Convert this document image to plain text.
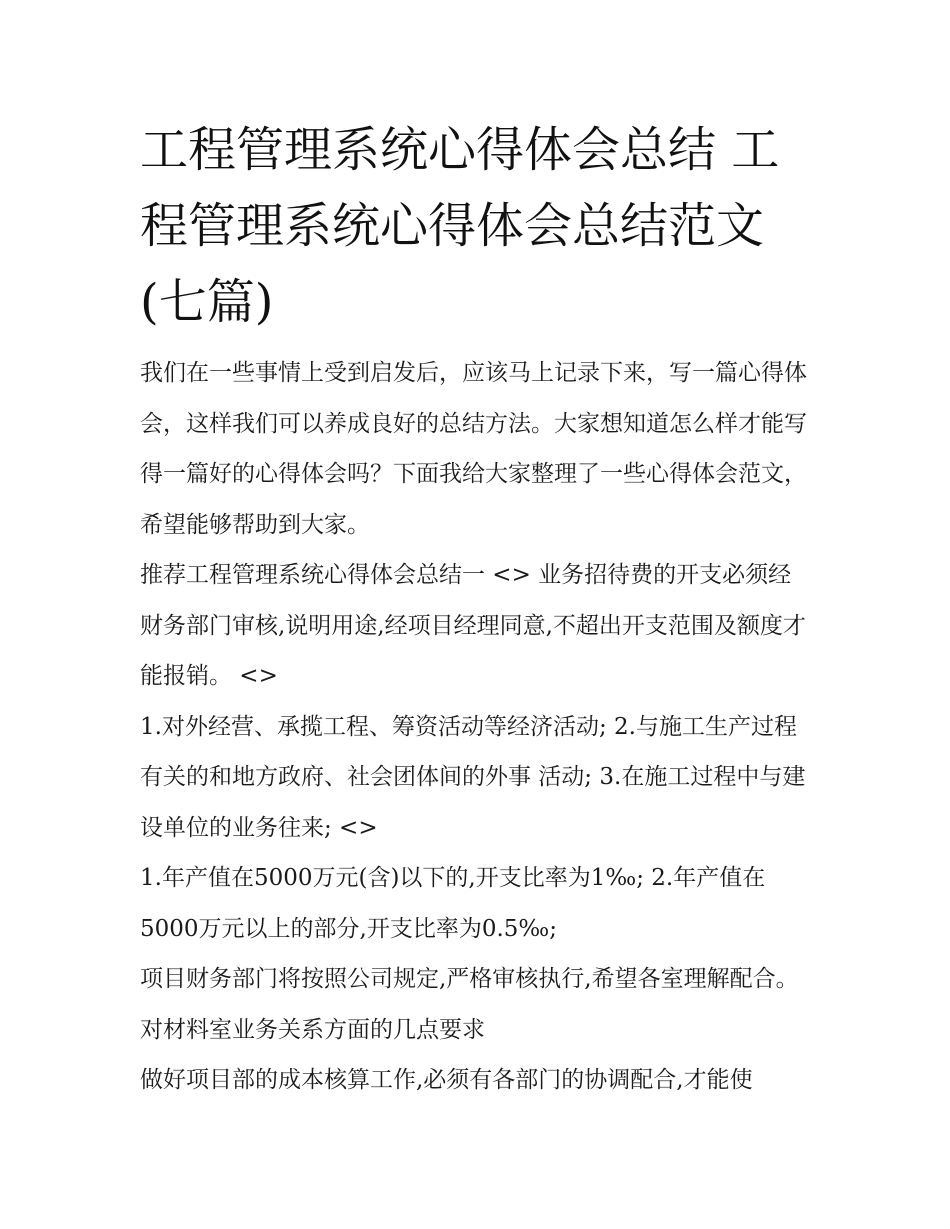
工程管理系统心得体会总结 工程管理系统心得体会总结范文(七篇)

我们在一些事情上受到启发后，应该马上记录下来，写一篇心得体会，这样我们可以养成良好的总结方法。大家想知道怎么样才能写得一篇好的心得体会吗？下面我给大家整理了一些心得体会范文，希望能够帮助到大家。

推荐工程管理系统心得体会总结一 <> 业务招待费的开支必须经财务部门审核,说明用途,经项目经理同意,不超出开支范围及额度才能报销。 <>

1.对外经营、承揽工程、筹资活动等经济活动; 2.与施工生产过程有关的和地方政府、社会团体间的外事 活动; 3.在施工过程中与建设单位的业务往来; <>

1.年产值在5000万元(含)以下的,开支比率为1‰; 2.年产值在5000万元以上的部分,开支比率为0.5‰;

项目财务部门将按照公司规定,严格审核执行,希望各室理解配合。 对材料室业务关系方面的几点要求

做好项目部的成本核算工作,必须有各部门的协调配合,才能使
